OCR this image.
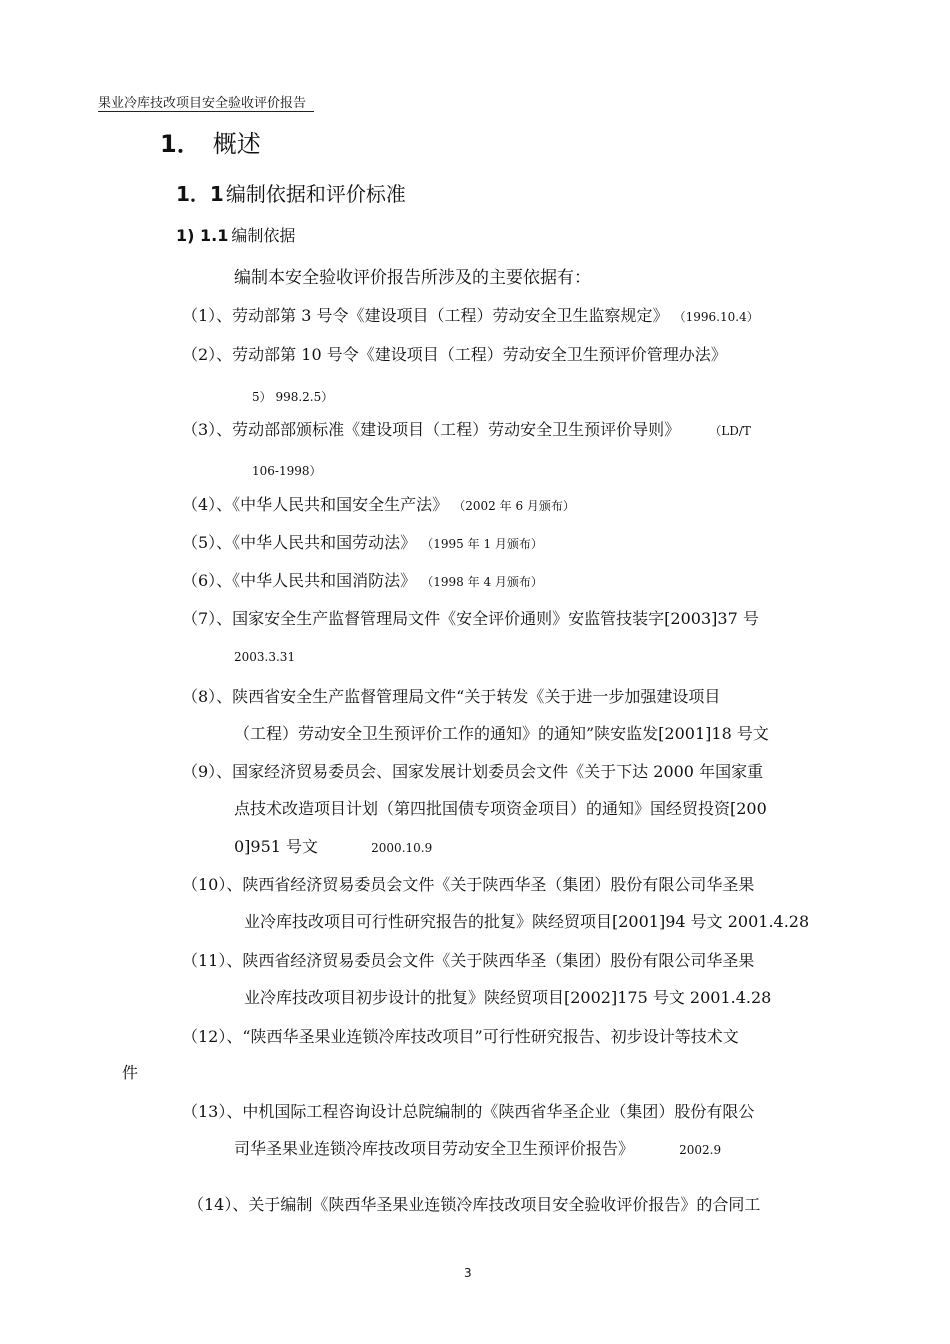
果业冷库技改项目安全验收评价报告
1． 概述
1．1 编制依据和评价标准
1) 1.1 编制依据
编制本安全验收评价报告所涉及的主要依据有：
（1）、劳动部第 3 号令《建设项目（工程）劳动安全卫生监察规定》 （1996.10.4）
（2）、劳动部第 10 号令《建设项目（工程）劳动安全卫生预评价管理办法》
5） 998.2.5）
（3）、劳动部部颁标准《建设项目（工程）劳动安全卫生预评价导则》 （LD/T
106-1998）
（4）、《中华人民共和国安全生产法》 （2002 年 6 月颁布）
（5）、《中华人民共和国劳动法》 （1995 年 1 月颁布）
（6）、《中华人民共和国消防法》 （1998 年 4 月颁布）
（7）、国家安全生产监督管理局文件《安全评价通则》安监管技装字[2003]37 号
2003.3.31
（8）、陕西省安全生产监督管理局文件“关于转发《关于进一步加强建设项目
（工程）劳动安全卫生预评价工作的通知》的通知”陕安监发[2001]18 号文
（9）、国家经济贸易委员会、国家发展计划委员会文件《关于下达 2000 年国家重
点技术改造项目计划（第四批国债专项资金项目）的通知》国经贸投资[200
0]951 号文	2000.10.9
（10）、陕西省经济贸易委员会文件《关于陕西华圣（集团）股份有限公司华圣果
业冷库技改项目可行性研究报告的批复》陕经贸项目[2001]94 号文 2001.4.28
（11）、陕西省经济贸易委员会文件《关于陕西华圣（集团）股份有限公司华圣果
业冷库技改项目初步设计的批复》陕经贸项目[2002]175 号文 2001.4.28
（12）、“陕西华圣果业连锁冷库技改项目”可行性研究报告、初步设计等技术文
件
（13）、中机国际工程咨询设计总院编制的《陕西省华圣企业（集团）股份有限公
司华圣果业连锁冷库技改项目劳动安全卫生预评价报告》	2002.9
（14）、关于编制《陕西华圣果业连锁冷库技改项目安全验收评价报告》的合同工
3
